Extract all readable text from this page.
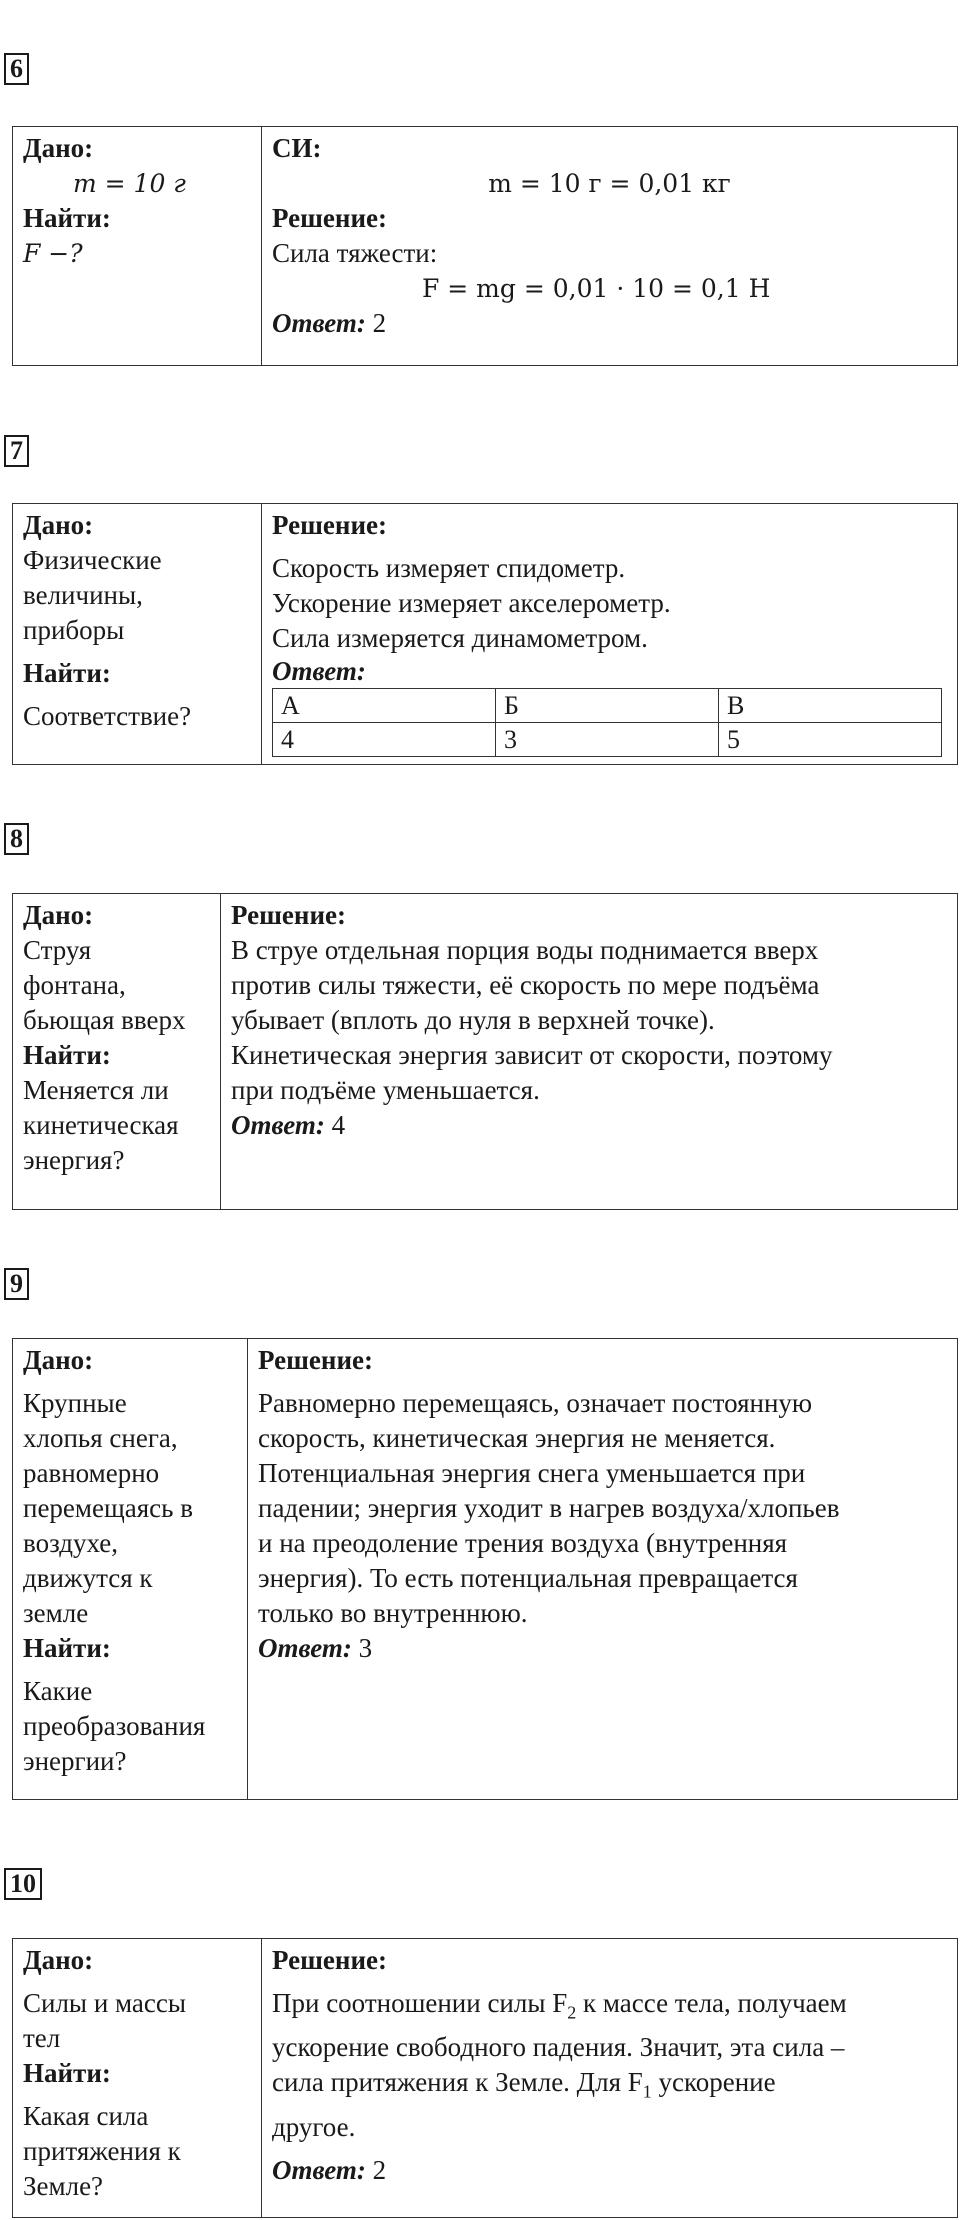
6
Дано:
m = 10 г
Найти:
F −?

СИ:
m = 10 г = 0,01 кг
Решение:
Сила тяжести:
F = mg = 0,01 · 10 = 0,1 Н
Ответ: 2
7
Дано:
Физические
величины,
приборы
Найти:
Соответствие?

Решение:
Скорость измеряет спидометр.
Ускорение измеряет акселерометр.
Сила измеряется динамометром.
Ответ:
А	Б	В
4	3	5
8
Дано:
Струя
фонтана,
бьющая вверх
Найти:
Меняется ли
кинетическая
энергия?

Решение:
В струе отдельная порция воды поднимается вверх
против силы тяжести, её скорость по мере подъёма
убывает (вплоть до нуля в верхней точке).
Кинетическая энергия зависит от скорости, поэтому
при подъёме уменьшается.
Ответ: 4
9
Дано:
Крупные
хлопья снега,
равномерно
перемещаясь в
воздухе,
движутся к
земле
Найти:
Какие
преобразования
энергии?

Решение:
Равномерно перемещаясь, означает постоянную
скорость, кинетическая энергия не меняется.
Потенциальная энергия снега уменьшается при
падении; энергия уходит в нагрев воздуха/хлопьев
и на преодоление трения воздуха (внутренняя
энергия). То есть потенциальная превращается
только во внутреннюю.
Ответ: 3
10
Дано:
Силы и массы
тел
Найти:
Какая сила
притяжения к
Земле?

Решение:
При соотношении силы $F_2$ к массе тела, получаем
ускорение свободного падения. Значит, эта сила –
сила притяжения к Земле. Для $F_1$ ускорение
другое.
Ответ: 2
